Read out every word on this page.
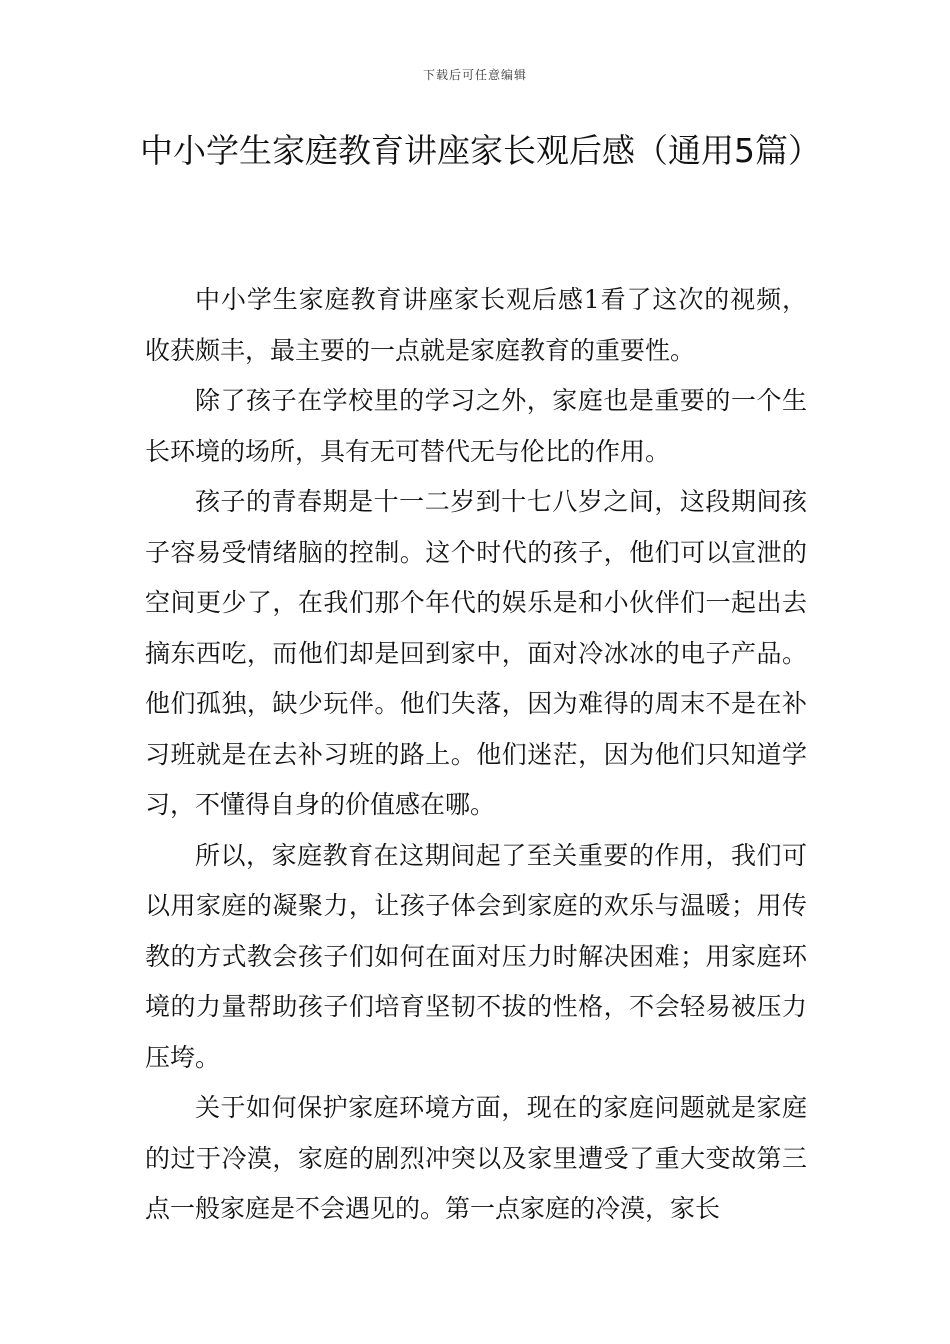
下载后可任意编辑
中小学生家庭教育讲座家长观后感（通用5篇）

中小学生家庭教育讲座家长观后感1看了这次的视频，收获颇丰，最主要的一点就是家庭教育的重要性。

除了孩子在学校里的学习之外，家庭也是重要的一个生长环境的场所，具有无可替代无与伦比的作用。

孩子的青春期是十一二岁到十七八岁之间，这段期间孩子容易受情绪脑的控制。这个时代的孩子，他们可以宣泄的空间更少了，在我们那个年代的娱乐是和小伙伴们一起出去摘东西吃，而他们却是回到家中，面对冷冰冰的电子产品。他们孤独，缺少玩伴。他们失落，因为难得的周末不是在补习班就是在去补习班的路上。他们迷茫，因为他们只知道学习，不懂得自身的价值感在哪。

所以，家庭教育在这期间起了至关重要的作用，我们可以用家庭的凝聚力，让孩子体会到家庭的欢乐与温暖；用传教的方式教会孩子们如何在面对压力时解决困难；用家庭环境的力量帮助孩子们培育坚韧不拔的性格，不会轻易被压力压垮。

关于如何保护家庭环境方面，现在的家庭问题就是家庭的过于冷漠，家庭的剧烈冲突以及家里遭受了重大变故第三点一般家庭是不会遇见的。第一点家庭的冷漠，家长
